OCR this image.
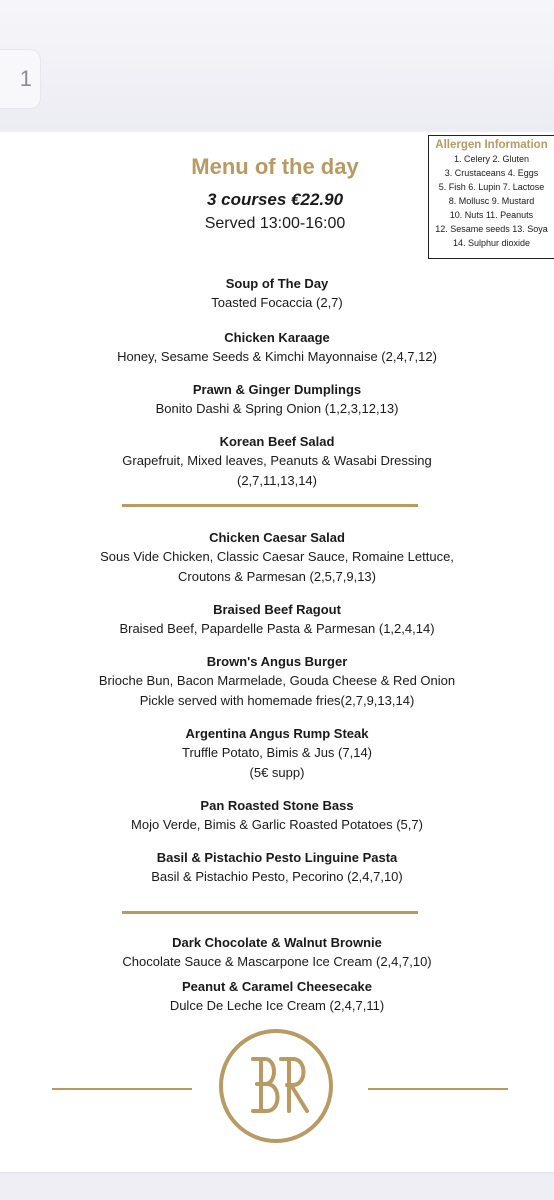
1
Allergen Information
1. Celery 2. Gluten
3. Crustaceans 4. Eggs
5. Fish 6. Lupin 7. Lactose
8. Mollusc 9. Mustard
10. Nuts 11. Peanuts
12. Sesame seeds 13. Soya
14. Sulphur dioxide
Menu of the day
3 courses €22.90
Served 13:00-16:00
Soup of The Day
Toasted Focaccia (2,7)
Chicken Karaage
Honey, Sesame Seeds & Kimchi Mayonnaise (2,4,7,12)
Prawn & Ginger Dumplings
Bonito Dashi & Spring Onion (1,2,3,12,13)
Korean Beef Salad
Grapefruit, Mixed leaves, Peanuts & Wasabi Dressing
(2,7,11,13,14)
Chicken Caesar Salad
Sous Vide Chicken, Classic Caesar Sauce, Romaine Lettuce,
Croutons & Parmesan (2,5,7,9,13)
Braised Beef Ragout
Braised Beef, Papardelle Pasta & Parmesan (1,2,4,14)
Brown's Angus Burger
Brioche Bun, Bacon Marmelade, Gouda Cheese & Red Onion
Pickle served with homemade fries(2,7,9,13,14)
Argentina Angus Rump Steak
Truffle Potato, Bimis & Jus (7,14)
(5€ supp)
Pan Roasted Stone Bass
Mojo Verde, Bimis & Garlic Roasted Potatoes (5,7)
Basil & Pistachio Pesto Linguine Pasta
Basil & Pistachio Pesto, Pecorino (2,4,7,10)
Dark Chocolate & Walnut Brownie
Chocolate Sauce & Mascarpone Ice Cream (2,4,7,10)
Peanut & Caramel Cheesecake
Dulce De Leche Ice Cream (2,4,7,11)
